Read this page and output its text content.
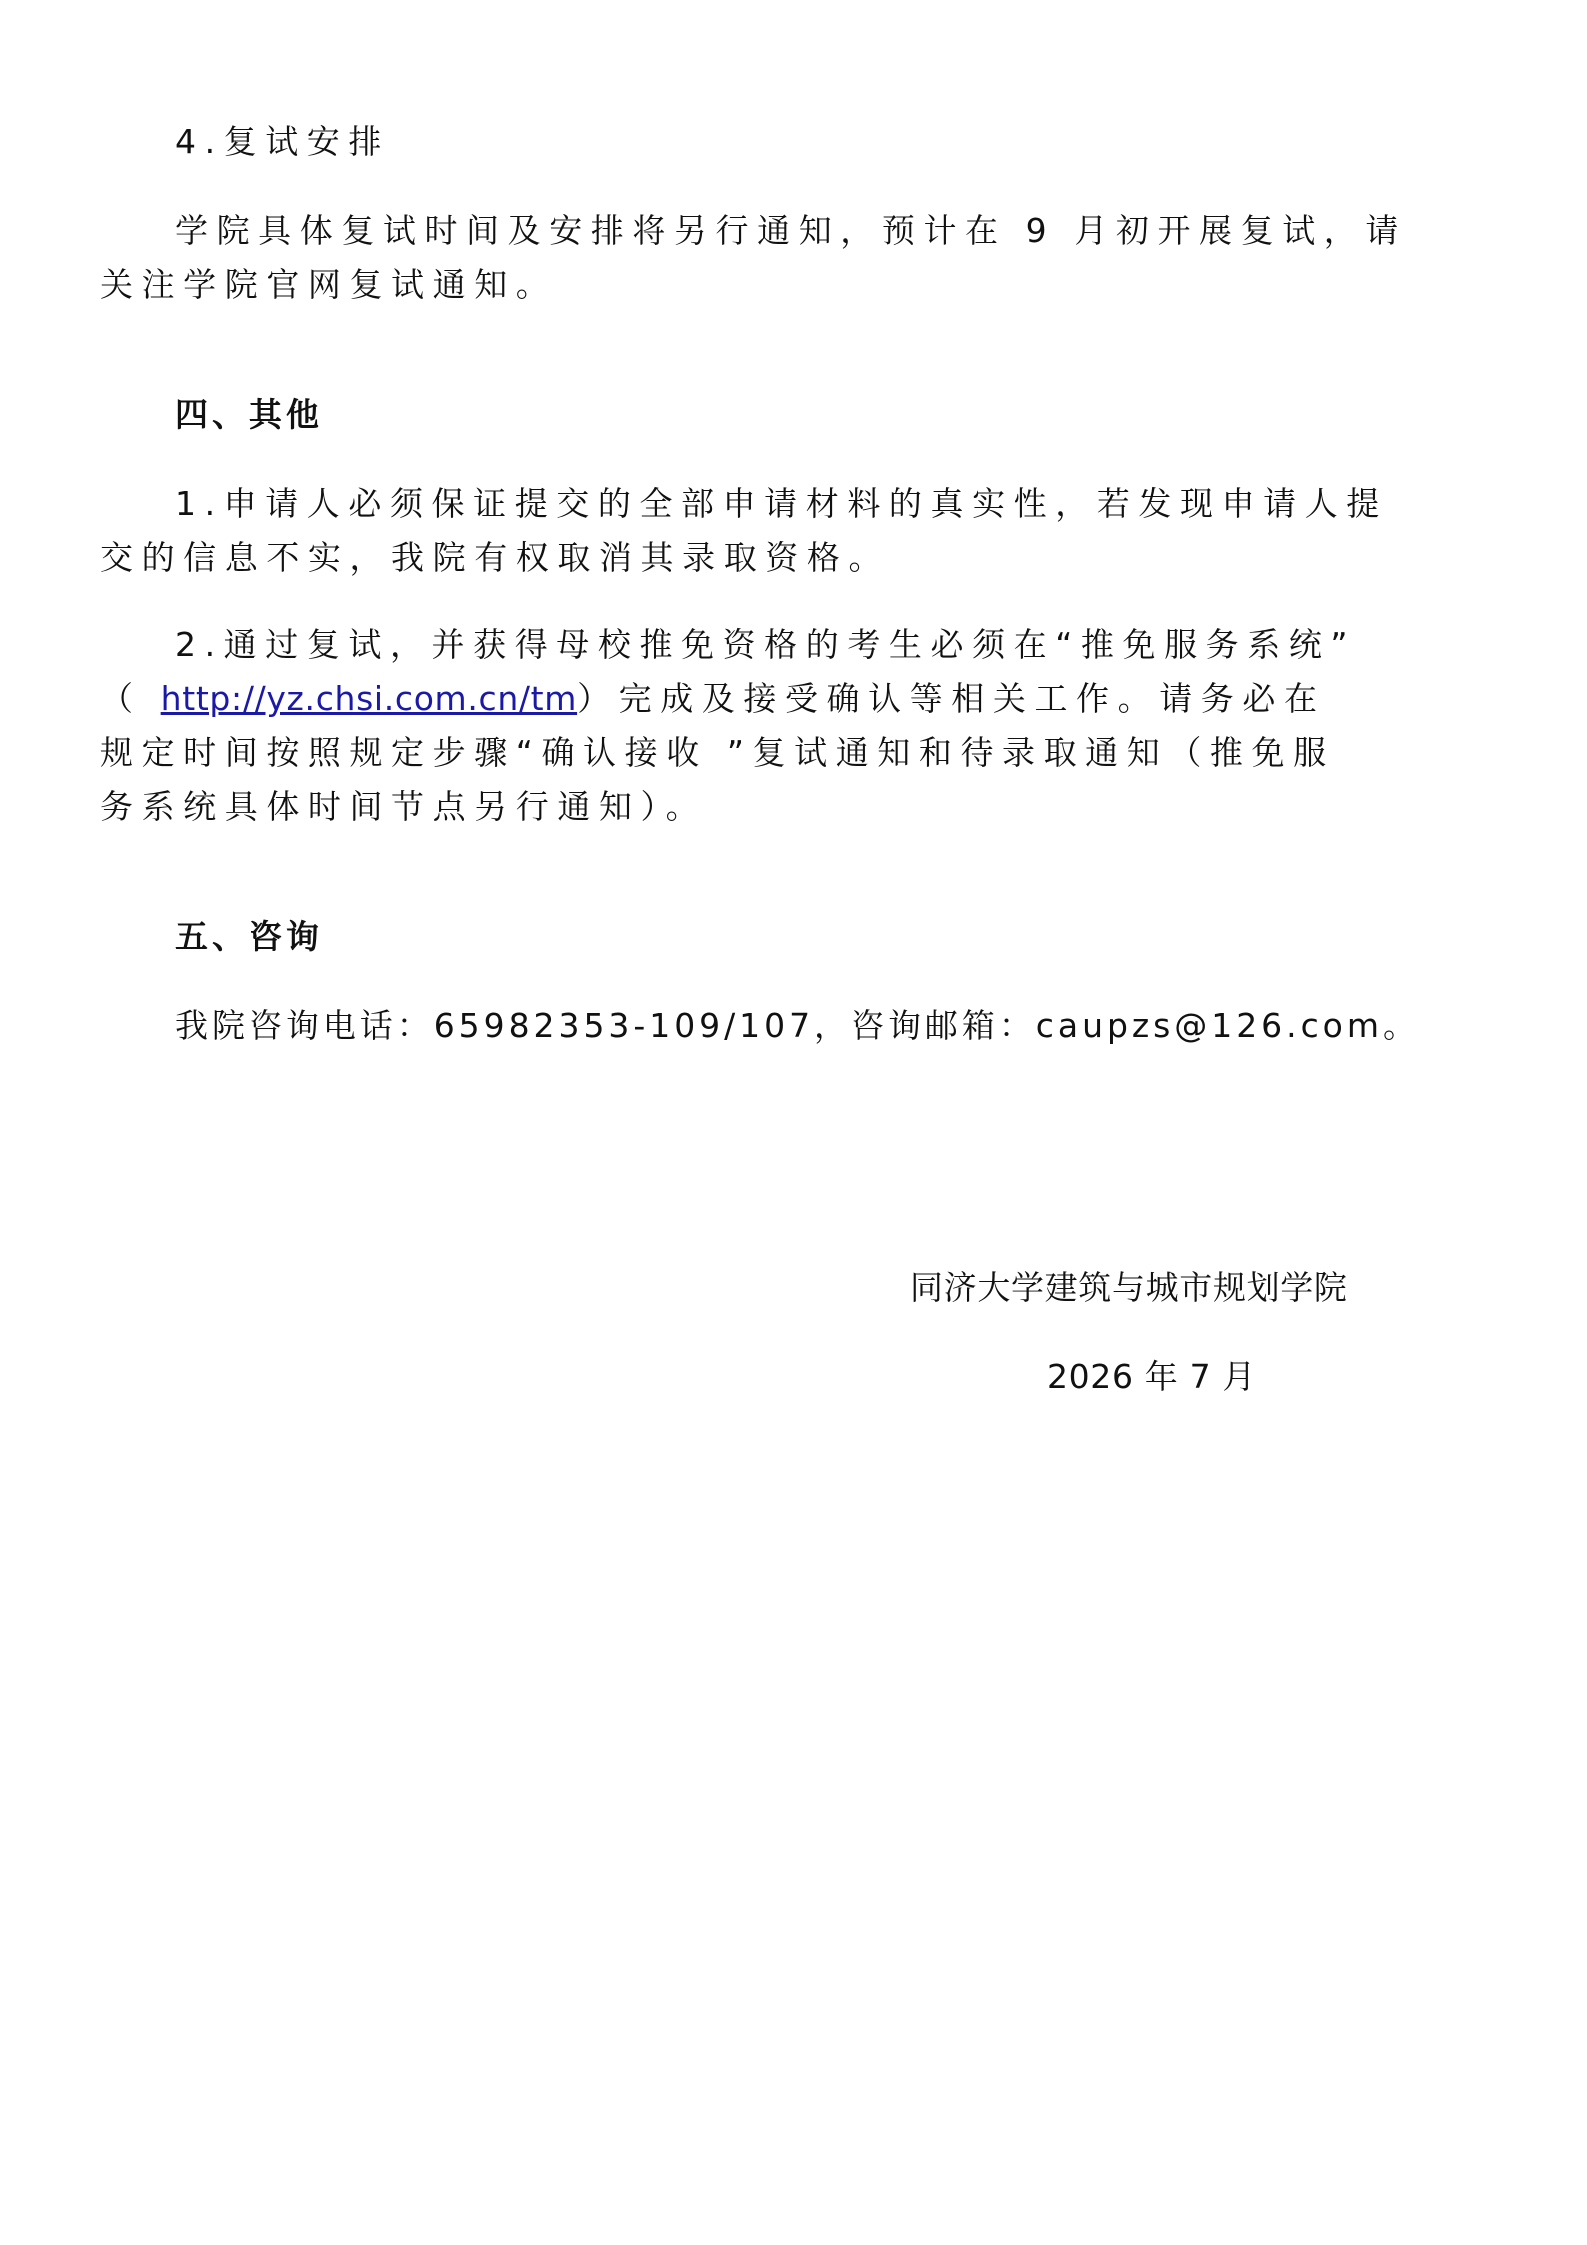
4.复试安排
学院具体复试时间及安排将另行通知，预计在 9 月初开展复试，请
关注学院官网复试通知。
四、其他
1.申请人必须保证提交的全部申请材料的真实性，若发现申请人提
交的信息不实，我院有权取消其录取资格。
2.通过复试，并获得母校推免资格的考生必须在“推免服务系统”
（ http://yz.chsi.com.cn/tm）完成及接受确认等相关工作。请务必在
规定时间按照规定步骤“确认接收 ”复试通知和待录取通知（推免服
务系统具体时间节点另行通知）。
五、咨询
我院咨询电话：65982353-109/107，咨询邮箱：caupzs@126.com。
同济大学建筑与城市规划学院
2026 年 7 月
